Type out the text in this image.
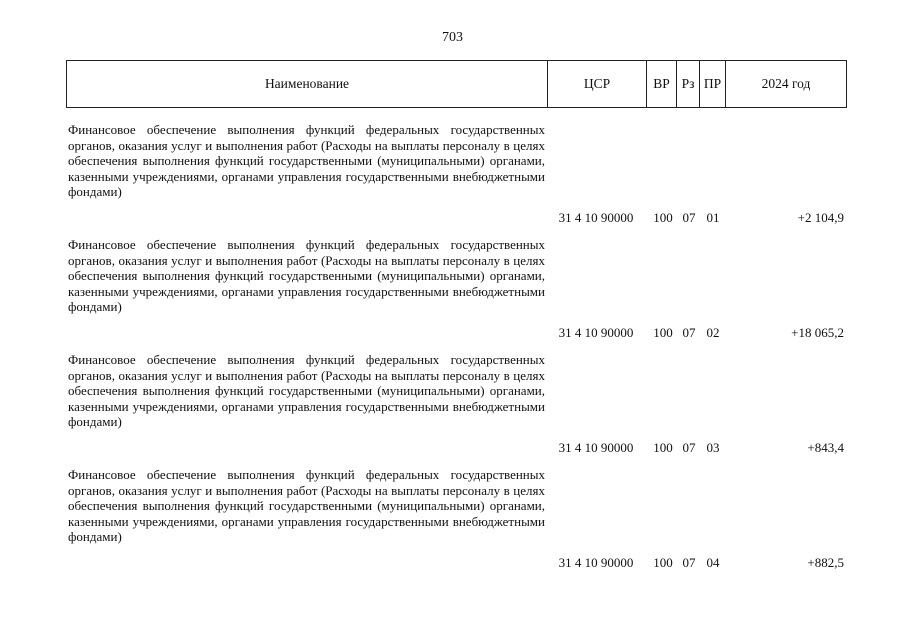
703
Наименование	ЦСР	ВР	Рз	ПР	2024 год
Финансовое обеспечение выполнения функций федеральных государственных органов, оказания услуг и выполнения работ (Расходы на выплаты персоналу в целях обеспечения выполнения функций государственными (муниципальными) органами, казенными учреждениями, органами управления государственными внебюджетными фондами)
31 4 10 90000	100 07 01	+2 104,9
Финансовое обеспечение выполнения функций федеральных государственных органов, оказания услуг и выполнения работ (Расходы на выплаты персоналу в целях обеспечения выполнения функций государственными (муниципальными) органами, казенными учреждениями, органами управления государственными внебюджетными фондами)
31 4 10 90000	100 07 02	+18 065,2
Финансовое обеспечение выполнения функций федеральных государственных органов, оказания услуг и выполнения работ (Расходы на выплаты персоналу в целях обеспечения выполнения функций государственными (муниципальными) органами, казенными учреждениями, органами управления государственными внебюджетными фондами)
31 4 10 90000	100 07 03	+843,4
Финансовое обеспечение выполнения функций федеральных государственных органов, оказания услуг и выполнения работ (Расходы на выплаты персоналу в целях обеспечения выполнения функций государственными (муниципальными) органами, казенными учреждениями, органами управления государственными внебюджетными фондами)
31 4 10 90000	100 07 04	+882,5
